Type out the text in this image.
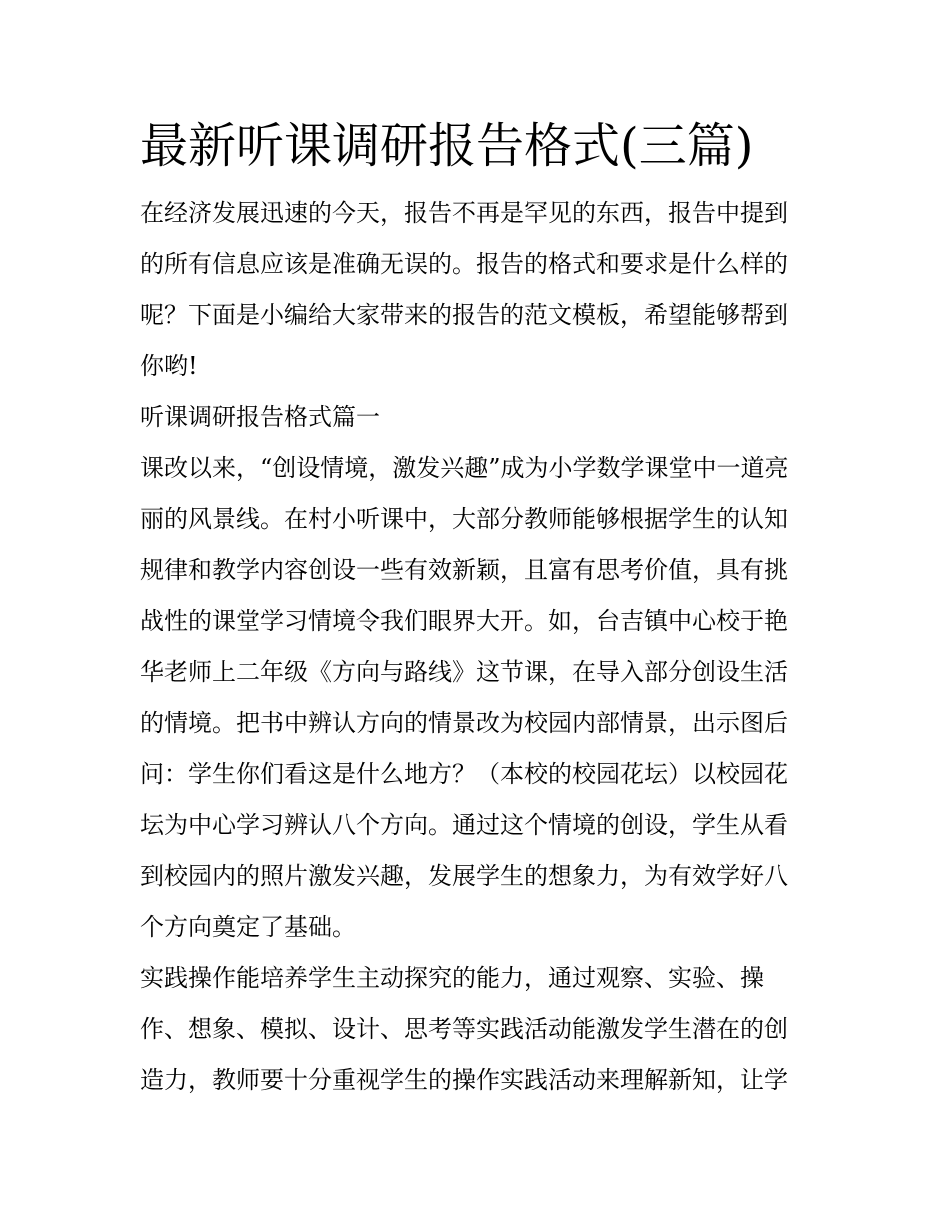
最新听课调研报告格式(三篇)

在经济发展迅速的今天，报告不再是罕见的东西，报告中提到
的所有信息应该是准确无误的。报告的格式和要求是什么样的
呢？下面是小编给大家带来的报告的范文模板，希望能够帮到
你哟!

听课调研报告格式篇一

课改以来，“创设情境，激发兴趣”成为小学数学课堂中一道亮
丽的风景线。在村小听课中，大部分教师能够根据学生的认知
规律和教学内容创设一些有效新颖，且富有思考价值，具有挑
战性的课堂学习情境令我们眼界大开。如，台吉镇中心校于艳
华老师上二年级《方向与路线》这节课，在导入部分创设生活
的情境。把书中辨认方向的情景改为校园内部情景，出示图后
问：学生你们看这是什么地方？（本校的校园花坛）以校园花
坛为中心学习辨认八个方向。通过这个情境的创设，学生从看
到校园内的照片激发兴趣，发展学生的想象力，为有效学好八
个方向奠定了基础。

实践操作能培养学生主动探究的能力，通过观察、实验、操
作、想象、模拟、设计、思考等实践活动能激发学生潜在的创
造力，教师要十分重视学生的操作实践活动来理解新知，让学
